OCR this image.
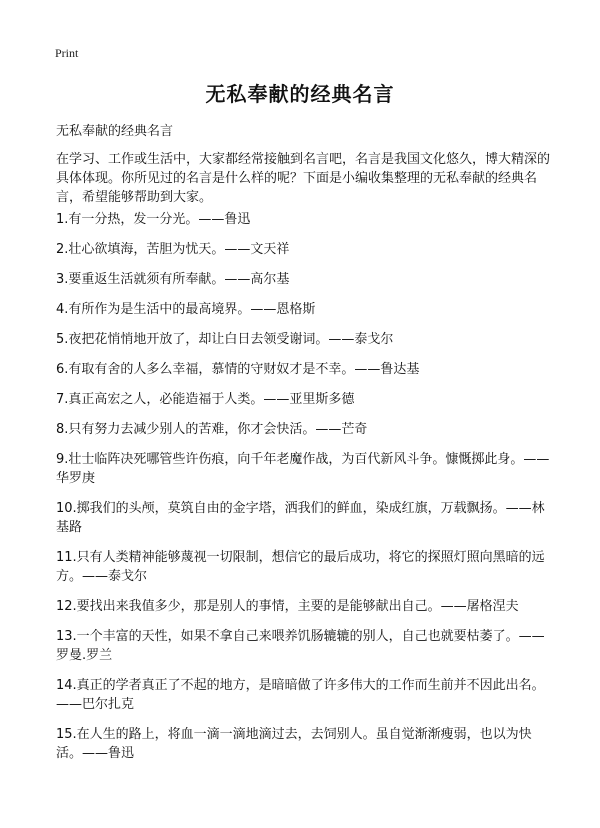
Print
无私奉献的经典名言

无私奉献的经典名言

在学习、工作或生活中，大家都经常接触到名言吧，名言是我国文化悠久，博大精深的具体体现。你所见过的名言是什么样的呢？下面是小编收集整理的无私奉献的经典名言，希望能够帮助到大家。

1.有一分热，发一分光。——鲁迅
2.壮心欲填海，苦胆为忧天。——文天祥
3.要重返生活就须有所奉献。——高尔基
4.有所作为是生活中的最高境界。——恩格斯
5.夜把花悄悄地开放了，却让白日去领受谢词。——泰戈尔
6.有取有舍的人多么幸福，慕情的守财奴才是不幸。——鲁达基
7.真正高宏之人，必能造福于人类。——亚里斯多德
8.只有努力去减少别人的苦难，你才会快活。——芒奇
9.壮士临阵决死哪管些许伤痕，向千年老魔作战，为百代新风斗争。慷慨掷此身。——华罗庚
10.掷我们的头颅，莫筑自由的金字塔，洒我们的鲜血，染成红旗，万载飘扬。——林基路
11.只有人类精神能够蔑视一切限制，想信它的最后成功，将它的探照灯照向黑暗的远方。——泰戈尔
12.要找出来我值多少，那是别人的事情，主要的是能够献出自己。——屠格涅夫
13.一个丰富的天性，如果不拿自己来喂养饥肠辘辘的别人，自己也就要枯萎了。——罗曼.罗兰
14.真正的学者真正了不起的地方，是暗暗做了许多伟大的工作而生前并不因此出名。——巴尔扎克
15.在人生的路上，将血一滴一滴地滴过去，去饲别人。虽自觉渐渐瘦弱，也以为快活。——鲁迅
